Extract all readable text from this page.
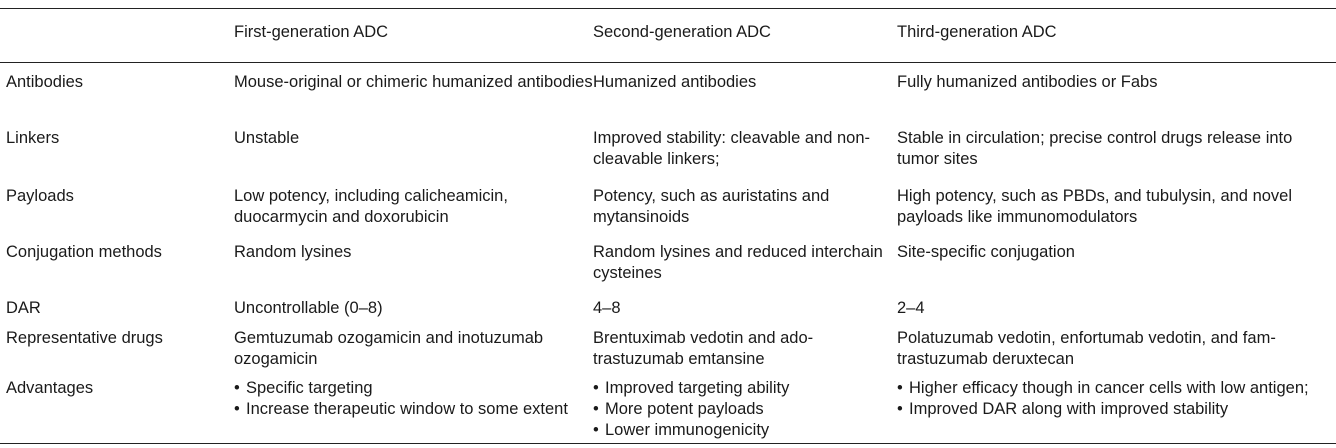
First-generation ADC	Second-generation ADC	Third-generation ADC
Antibodies	Mouse-original or chimeric humanized antibodies Humanized antibodies	Fully humanized antibodies or Fabs
Linkers	Unstable	Improved stability: cleavable and non-cleavable linkers;
Stable in circulation; precise control drugs release into tumor sites
Payloads	Low potency, including calicheamicin, duocarmycin and doxorubicin
Potency, such as auristatins and mytansinoids
High potency, such as PBDs, and tubulysin, and novel payloads like immunomodulators
Conjugation methods	Random lysines	Random lysines and reduced interchain cysteines
Site-specific conjugation
DAR	Uncontrollable (0–8)	4–8	2–4
Representative drugs	Gemtuzumab ozogamicin and inotuzumab ozogamicin
Brentuximab vedotin and ado-trastuzumab emtansine
Polatuzumab vedotin, enfortumab vedotin, and fam-trastuzumab deruxtecan
Advantages
•	Specific targeting
• Increase therapeutic window to some extent
• Improved targeting ability
• More potent payloads
• Lower immunogenicity
• Higher efficacy though in cancer cells with low antigen;
• Improved DAR along with improved stability
